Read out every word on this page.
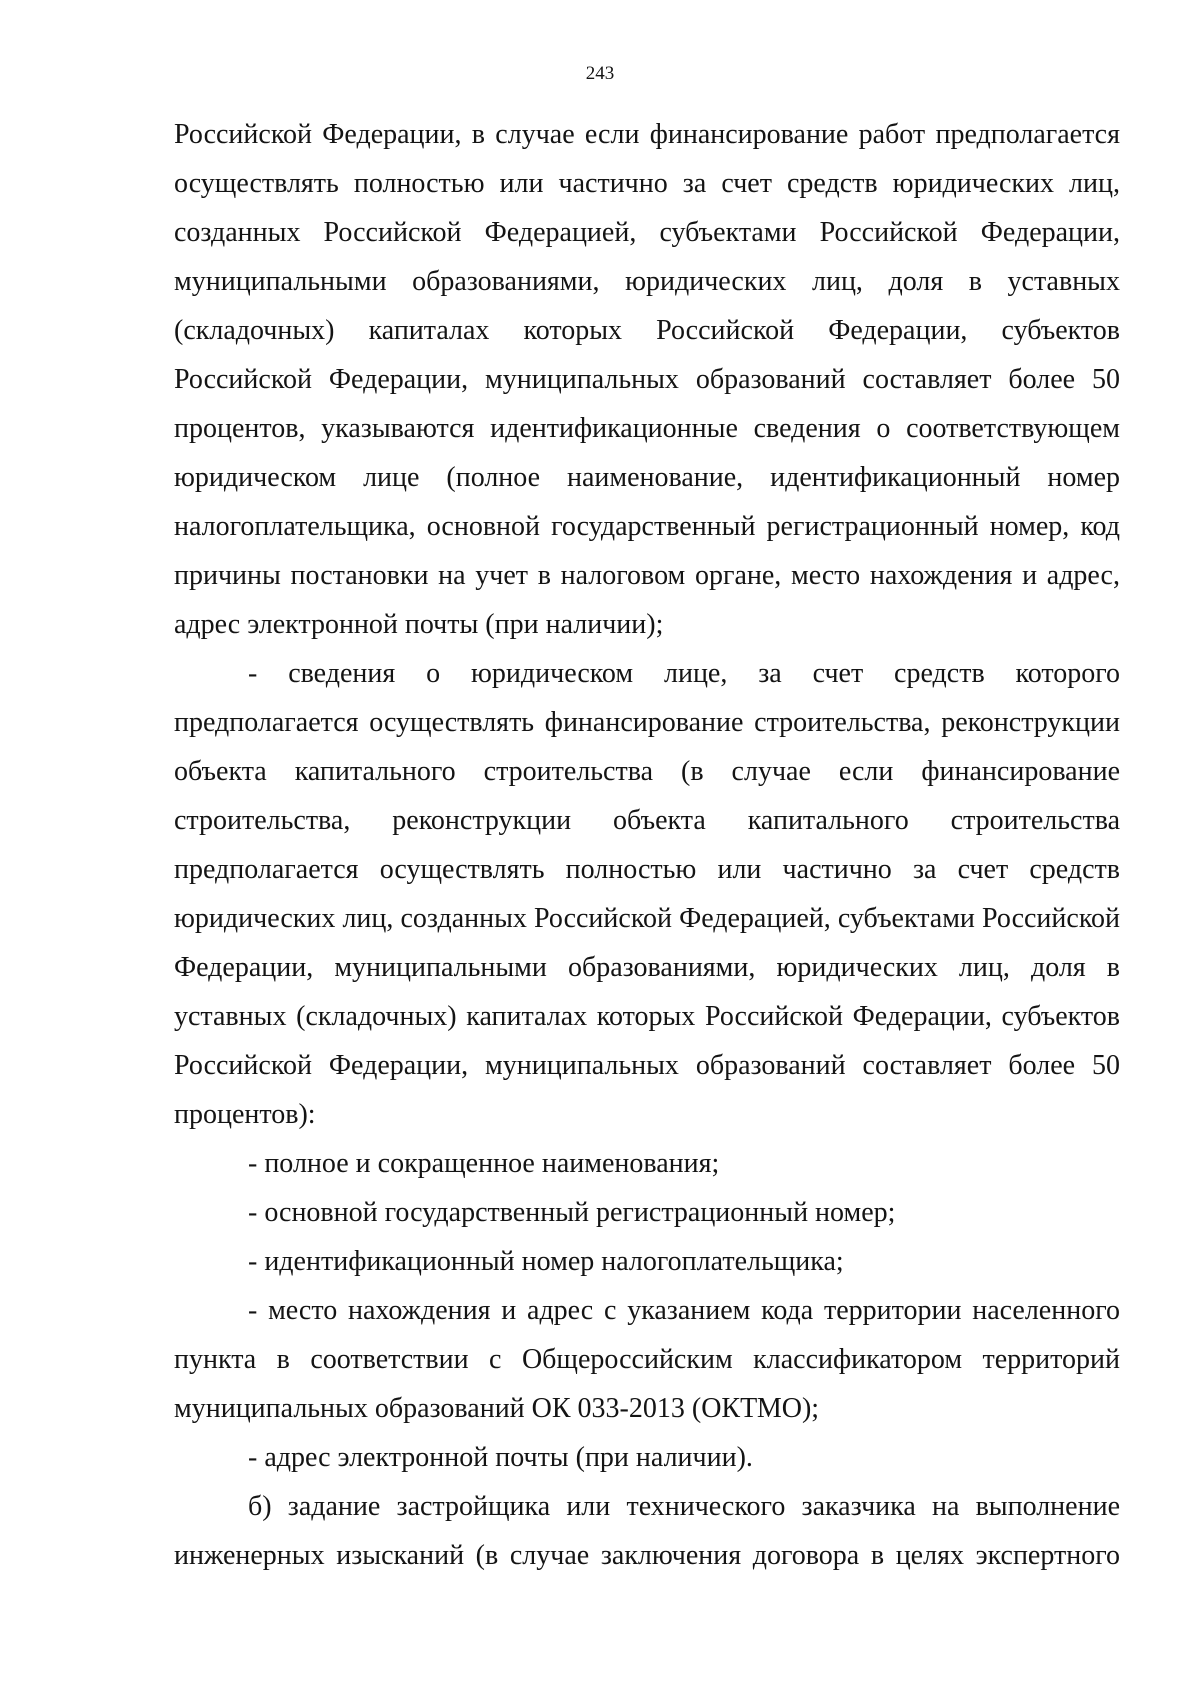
243

Российской Федерации, в случае если финансирование работ предполагается осуществлять полностью или частично за счет средств юридических лиц, созданных Российской Федерацией, субъектами Российской Федерации, муниципальными образованиями, юридических лиц, доля в уставных (складочных) капиталах которых Российской Федерации, субъектов Российской Федерации, муниципальных образований составляет более 50 процентов, указываются идентификационные сведения о соответствующем юридическом лице (полное наименование, идентификационный номер налогоплательщика, основной государственный регистрационный номер, код причины постановки на учет в налоговом органе, место нахождения и адрес, адрес электронной почты (при наличии);

- сведения о юридическом лице, за счет средств которого предполагается осуществлять финансирование строительства, реконструкции объекта капитального строительства (в случае если финансирование строительства, реконструкции объекта капитального строительства предполагается осуществлять полностью или частично за счет средств юридических лиц, созданных Российской Федерацией, субъектами Российской Федерации, муниципальными образованиями, юридических лиц, доля в уставных (складочных) капиталах которых Российской Федерации, субъектов Российской Федерации, муниципальных образований составляет более 50 процентов):

- полное и сокращенное наименования;

- основной государственный регистрационный номер;

- идентификационный номер налогоплательщика;

- место нахождения и адрес с указанием кода территории населенного пункта в соответствии с Общероссийским классификатором территорий муниципальных образований ОК 033-2013 (ОКТМО);

- адрес электронной почты (при наличии).

б) задание застройщика или технического заказчика на выполнение инженерных изысканий (в случае заключения договора в целях экспертного
